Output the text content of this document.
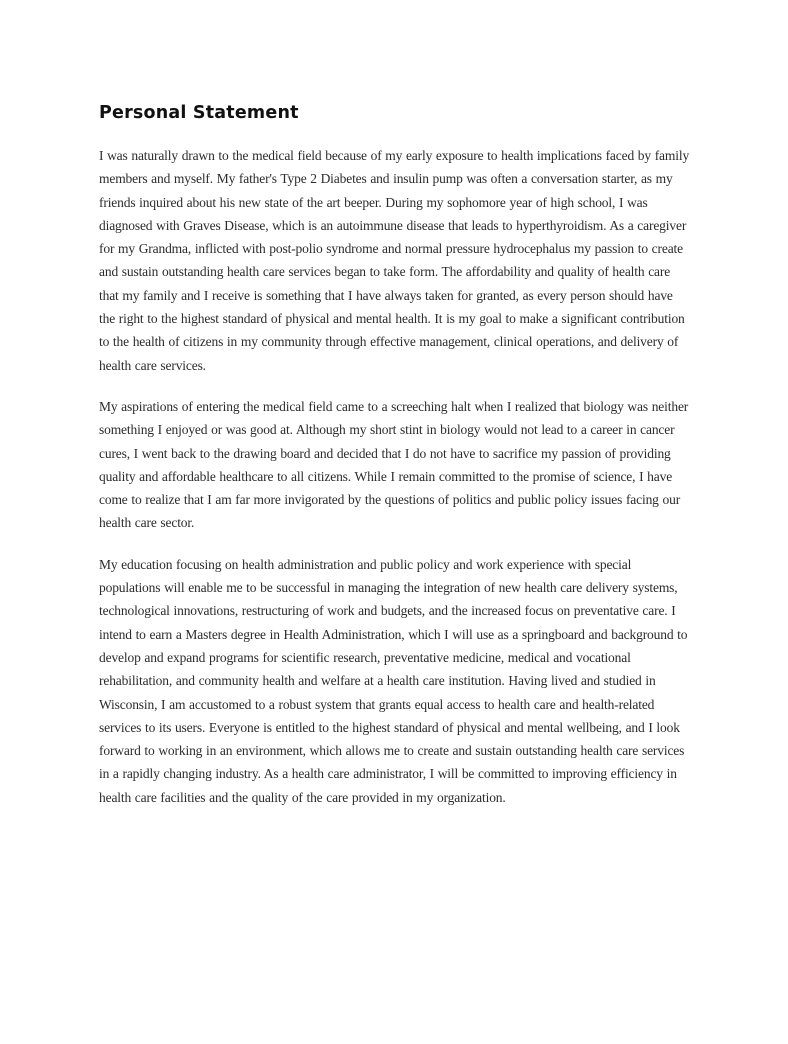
Personal Statement

I was naturally drawn to the medical field because of my early exposure to health implications faced by family members and myself. My father's Type 2 Diabetes and insulin pump was often a conversation starter, as my friends inquired about his new state of the art beeper. During my sophomore year of high school, I was diagnosed with Graves Disease, which is an autoimmune disease that leads to hyperthyroidism. As a caregiver for my Grandma, inflicted with post-polio syndrome and normal pressure hydrocephalus my passion to create and sustain outstanding health care services began to take form. The affordability and quality of health care that my family and I receive is something that I have always taken for granted, as every person should have the right to the highest standard of physical and mental health. It is my goal to make a significant contribution to the health of citizens in my community through effective management, clinical operations, and delivery of health care services.

My aspirations of entering the medical field came to a screeching halt when I realized that biology was neither something I enjoyed or was good at. Although my short stint in biology would not lead to a career in cancer cures, I went back to the drawing board and decided that I do not have to sacrifice my passion of providing quality and affordable healthcare to all citizens. While I remain committed to the promise of science, I have come to realize that I am far more invigorated by the questions of politics and public policy issues facing our health care sector.

My education focusing on health administration and public policy and work experience with special populations will enable me to be successful in managing the integration of new health care delivery systems, technological innovations, restructuring of work and budgets, and the increased focus on preventative care. I intend to earn a Masters degree in Health Administration, which I will use as a springboard and background to develop and expand programs for scientific research, preventative medicine, medical and vocational rehabilitation, and community health and welfare at a health care institution. Having lived and studied in Wisconsin, I am accustomed to a robust system that grants equal access to health care and health-related services to its users. Everyone is entitled to the highest standard of physical and mental wellbeing, and I look forward to working in an environment, which allows me to create and sustain outstanding health care services in a rapidly changing industry. As a health care administrator, I will be committed to improving efficiency in health care facilities and the quality of the care provided in my organization.
